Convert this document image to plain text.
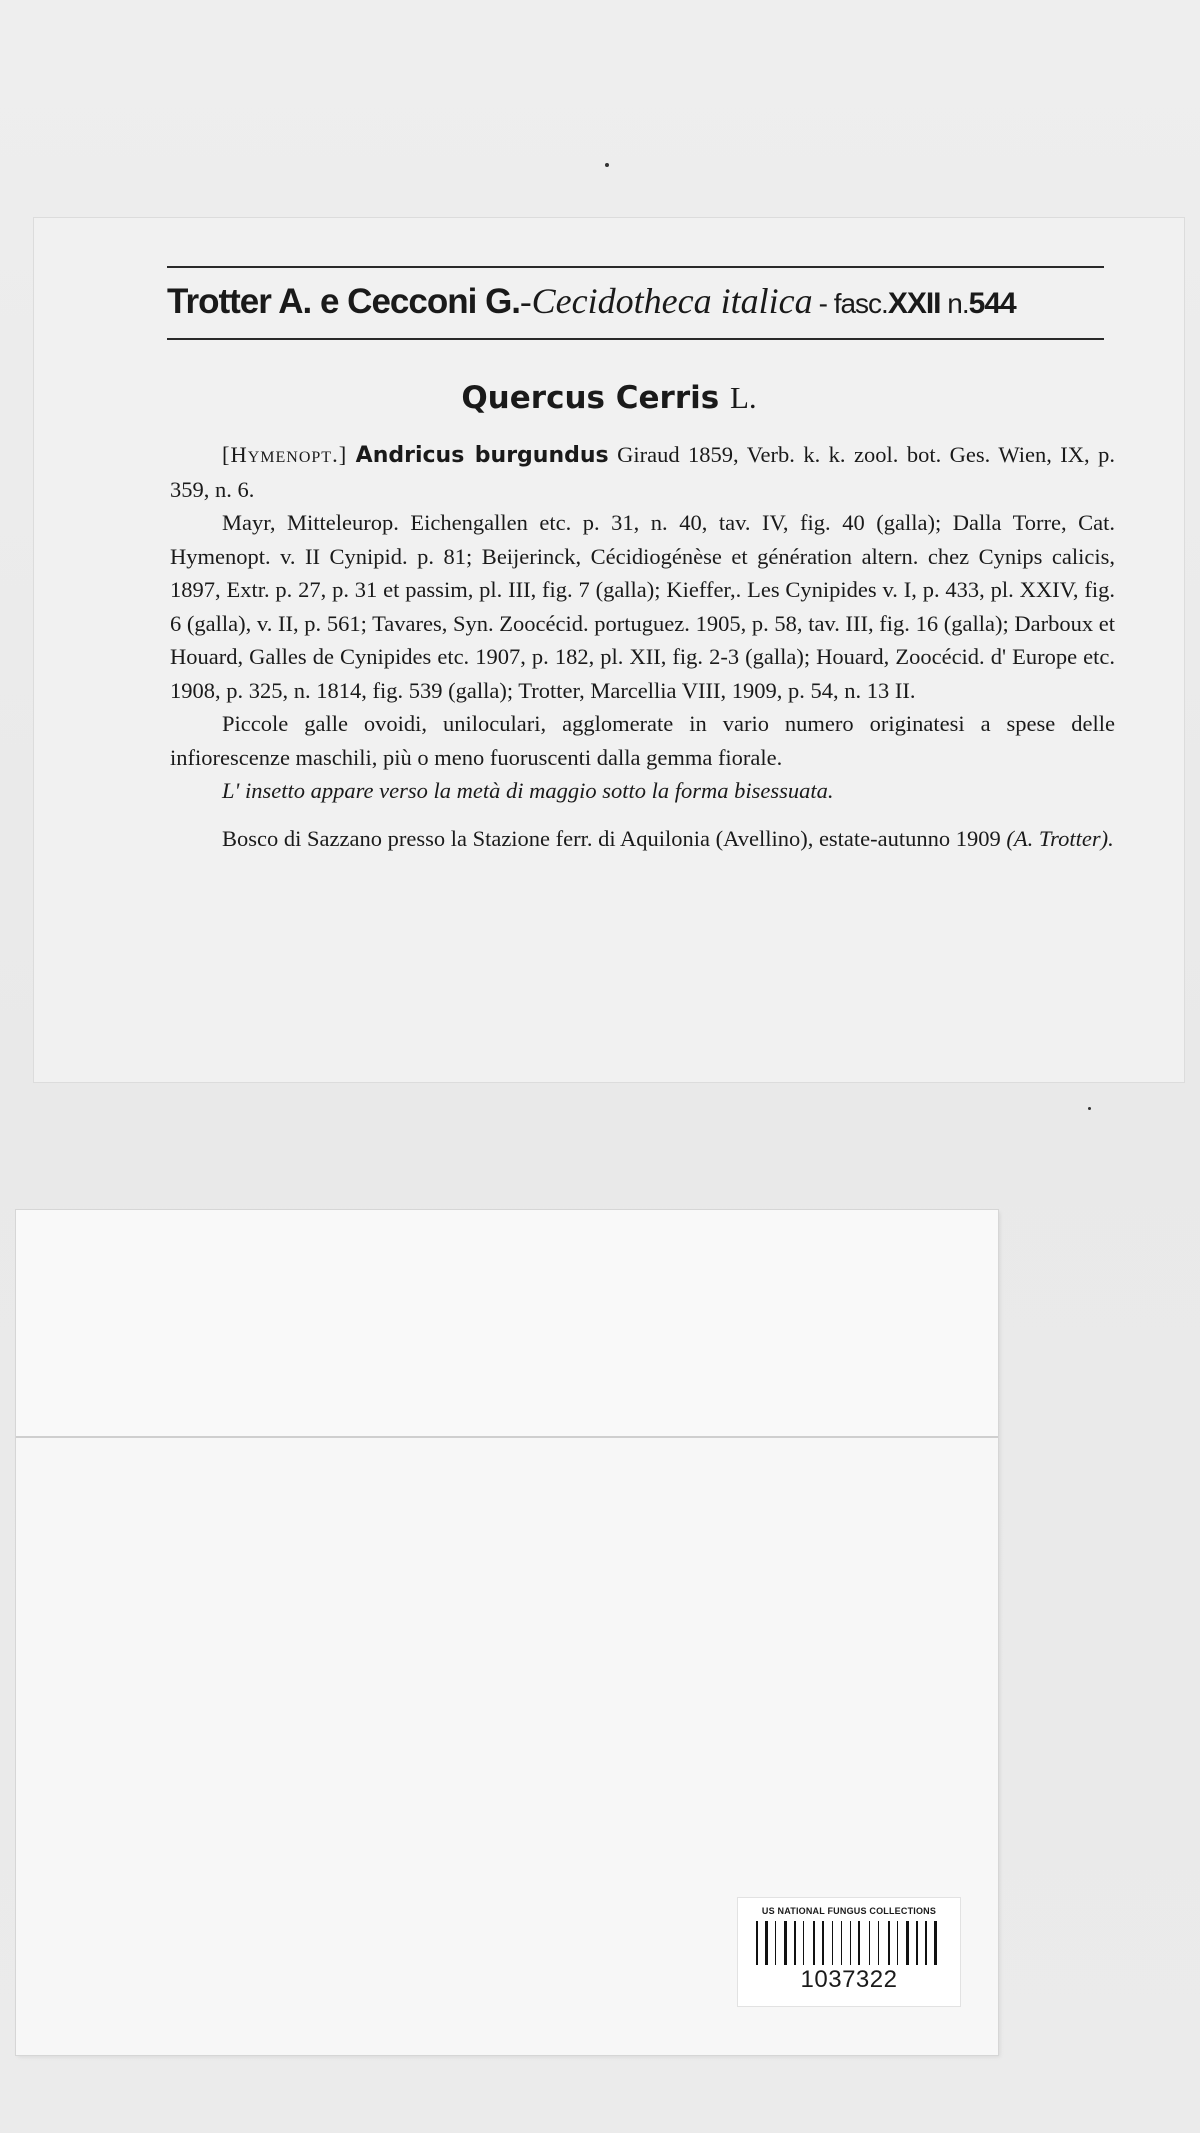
Trotter A. e Cecconi G. - Cecidotheca italica - fasc.XXII n.544
Quercus Cerris L.

[Hymenopt.] Andricus burgundus Giraud 1859, Verb. k. k. zool. bot. Ges. Wien, IX, p. 359, n. 6.

Mayr, Mitteleurop. Eichengallen etc. p. 31, n. 40, tav. IV, fig. 40 (galla); Dalla Torre, Cat. Hymenopt. v. II Cynipid. p. 81; Beijerinck, Cécidiogénèse et génération altern. chez Cynips calicis, 1897, Extr. p. 27, p. 31 et passim, pl. III, fig. 7 (galla); Kieffer,. Les Cynipides v. I, p. 433, pl. XXIV, fig. 6 (galla), v. II, p. 561; Tavares, Syn. Zoocécid. portuguez. 1905, p. 58, tav. III, fig. 16 (galla); Darboux et Houard, Galles de Cynipides etc. 1907, p. 182, pl. XII, fig. 2-3 (galla); Houard, Zoocécid. d' Europe etc. 1908, p. 325, n. 1814, fig. 539 (galla); Trotter, Marcellia VIII, 1909, p. 54, n. 13 II.

Piccole galle ovoidi, uniloculari, agglomerate in vario numero originatesi a spese delle infiorescenze maschili, più o meno fuoruscenti dalla gemma fiorale.

L' insetto appare verso la metà di maggio sotto la forma bisessuata.

Bosco di Sazzano presso la Stazione ferr. di Aquilonia (Avellino), estate-autunno 1909 (A. Trotter).

US NATIONAL FUNGUS COLLECTIONS
1037322
